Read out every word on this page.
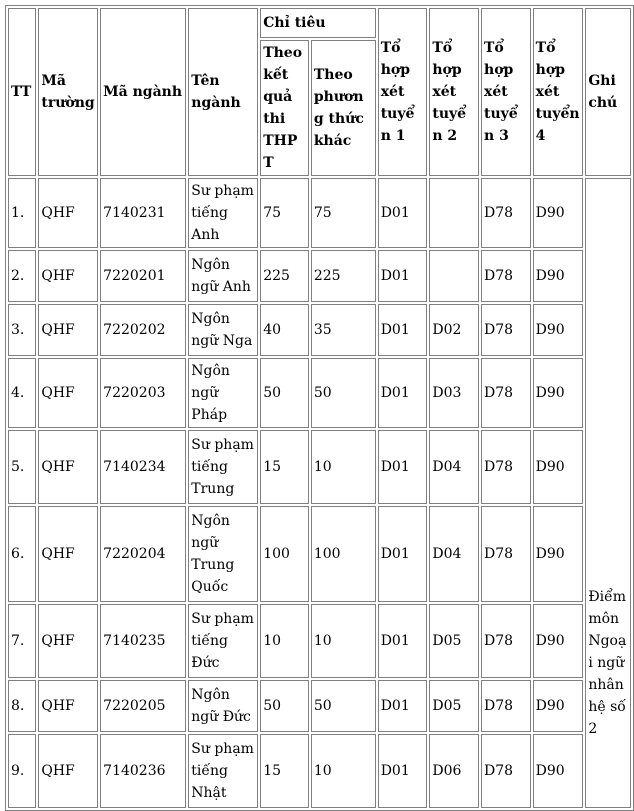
TT	Mã trường	Mã ngành	Tên ngành	Chỉ tiêu		Tổ hợp xét tuyển 1	Tổ hợp xét tuyển 2	Tổ hợp xét tuyển 3	Tổ hợp xét tuyển 4	Ghi chú
				Theo kết quả thi THPT	Theo phương thức khác					
1.	QHF	7140231	Sư phạm tiếng Anh	75	75	D01		D78	D90	Điểm môn Ngoại ngữ nhân hệ số 2

2.	QHF	7220201	Ngôn ngữ Anh	225	225	D01		D78	D90	
3.	QHF	7220202	Ngôn ngữ Nga	40	35	D01	D02	D78	D90	
4.	QHF	7220203	Ngôn ngữ Pháp	50	50	D01	D03	D78	D90	
5.	QHF	7140234	Sư phạm tiếng Trung	15	10	D01	D04	D78	D90	
6.	QHF	7220204	Ngôn ngữ Trung Quốc	100	100	D01	D04	D78	D90	
7.	QHF	7140235	Sư phạm tiếng Đức	10	10	D01	D05	D78	D90	
8.	QHF	7220205	Ngôn ngữ Đức	50	50	D01	D05	D78	D90	
9.	QHF	7140236	Sư phạm tiếng Nhật	15	10	D01	D06	D78	D90	
